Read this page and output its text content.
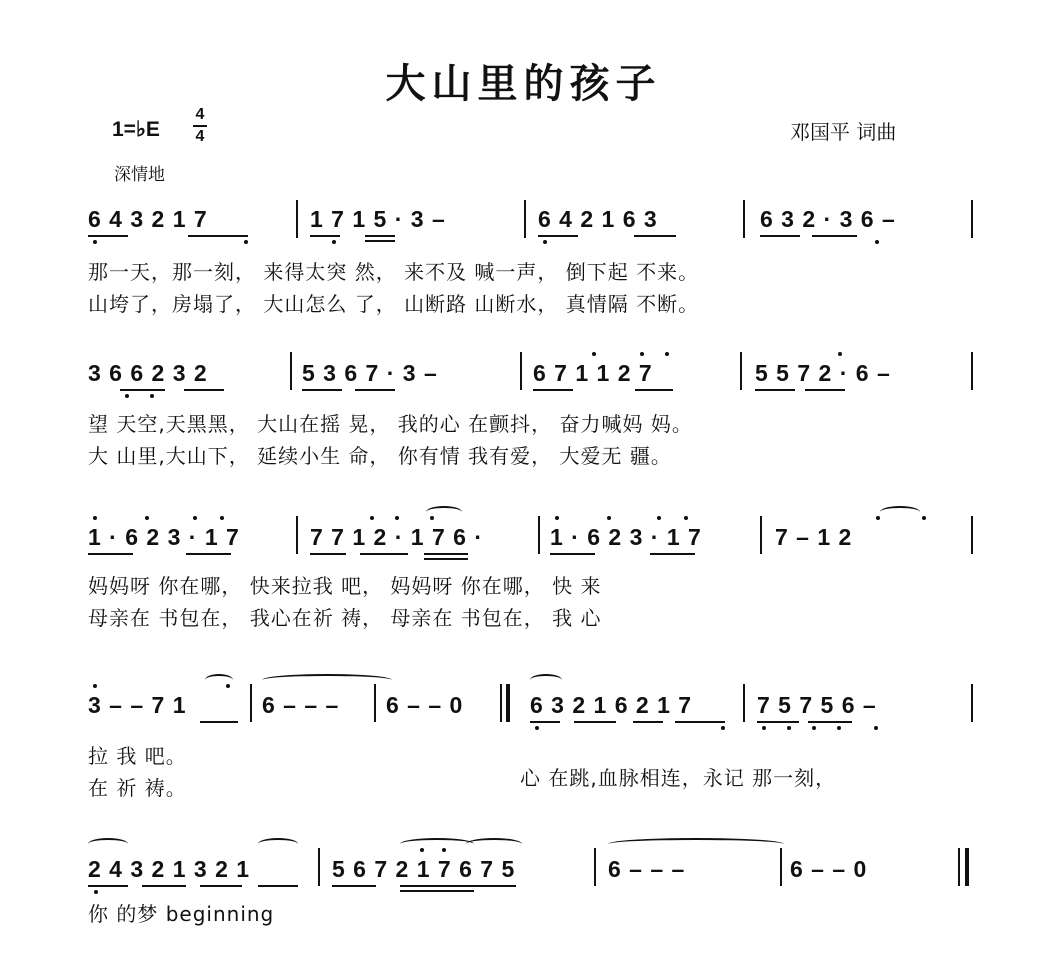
大山里的孩子
1=♭E
4
4	邓国平 词曲
深情地
6 4 3 2 1 7	1 7 1 5 · 3 –	6 4 2 1 6 3	6 3 2 · 3 6 –
那一天，那一刻， 来得太突 然， 来不及 喊一声， 倒下起 不来。
山垮了，房塌了， 大山怎么 了， 山断路 山断水， 真情隔 不断。
3 6 6 2 3 2	5 3 6 7 · 3 –	6 7 1 1 2 7	5 5 7 2 · 6 –
望 天空,天黑黑， 大山在摇 晃， 我的心 在颤抖， 奋力喊妈 妈。
大 山里,大山下， 延续小生 命， 你有情 我有爱， 大爱无 疆。
1 · 6 2 3 · 1 7	7 7 1 2 · 1 7 6 ·	1 · 6 2 3 · 1 7	7 – 1 2
妈妈呀 你在哪， 快来拉我 吧， 妈妈呀 你在哪， 快 来
母亲在 书包在， 我心在祈 祷， 母亲在 书包在， 我 心
3 – – 7 1	6 – – – 6 – – 0	6 3 2 1 6 2 1 7	7 5 7 5 6 –
拉 我 吧。
在 祈 祷。	心 在跳,血脉相连，永记 那一刻，
2 4 3 2 1 3 2 1	5 6 7 2 1 7 6 7 5	6 – – –	6 – – 0
你 的梦 beginning
